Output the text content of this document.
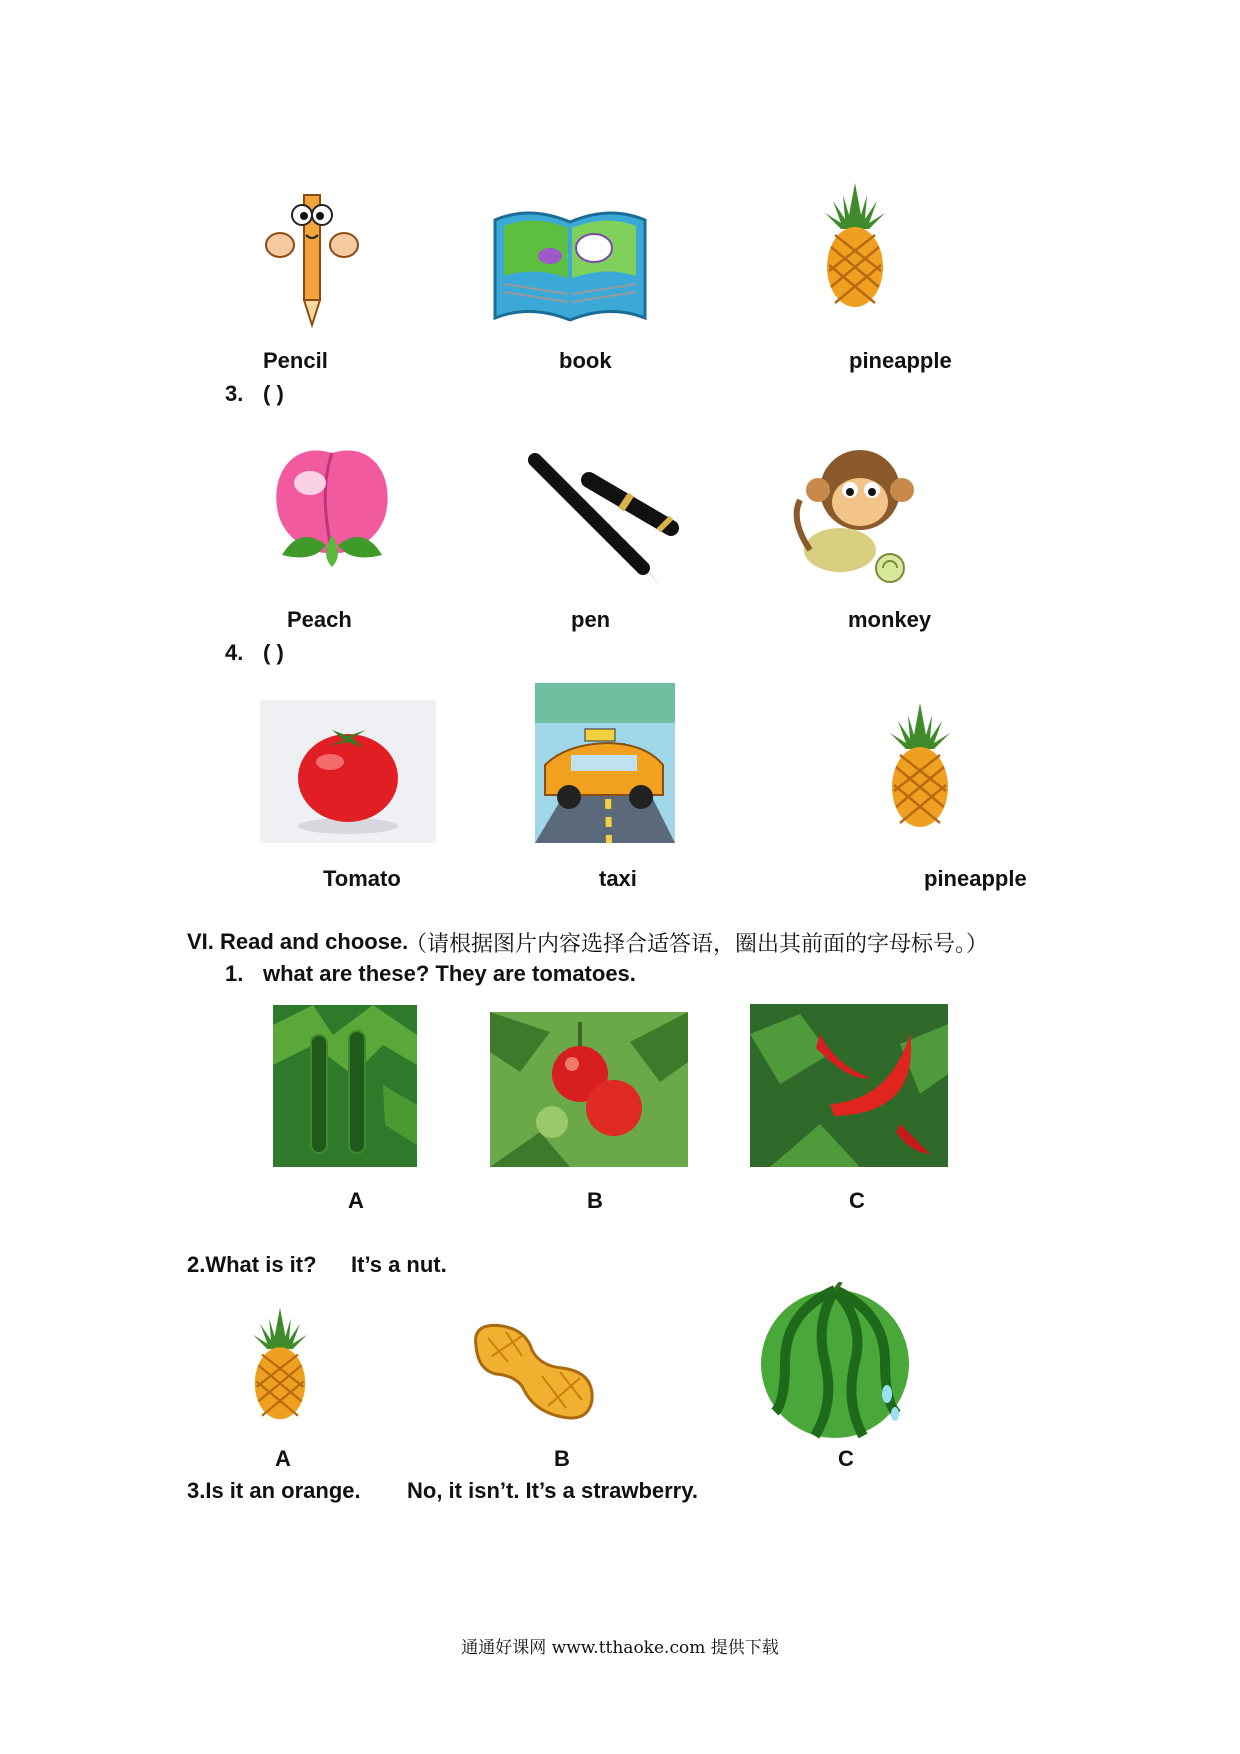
Pencil	book	pineapple
3. ( )
Peach	pen	monkey
4. ( )
Tomato	taxi	pineapple
VI. Read and choose.
（请根据图片内容选择合适答语，圈出其前面的字母标号。）
1. what are these? They are tomatoes.
A	B	C
2.What is it? It’s a nut.
A	B	C
3.Is it an orange. No, it isn’t. It’s a strawberry.
通通好课网 www.tthaoke.com 提供下载
